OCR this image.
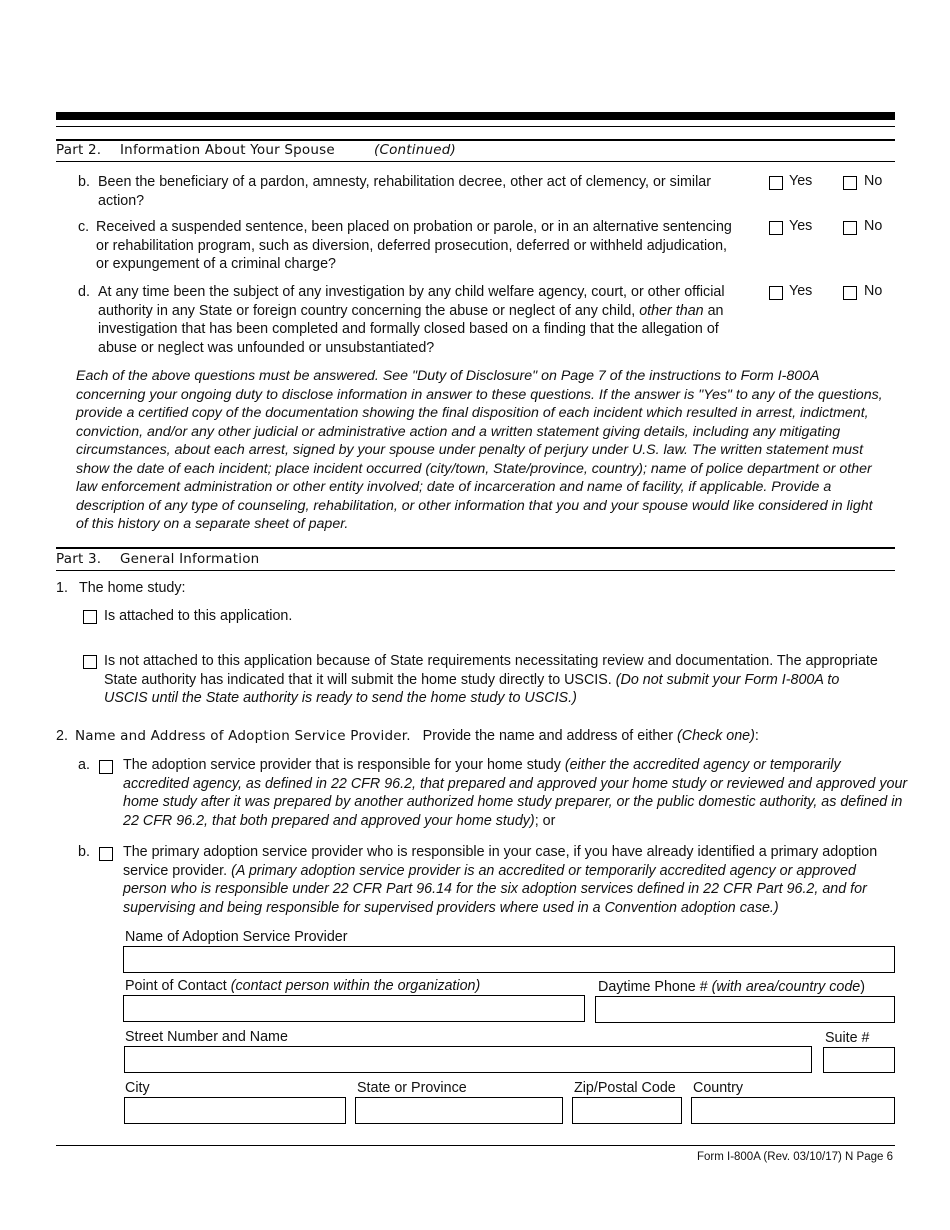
Part 2. Information About Your Spouse	(Continued)
b. Been the beneficiary of a pardon, amnesty, rehabilitation decree, other act of clemency, or similar action?
Yes	No
c. Received a suspended sentence, been placed on probation or parole, or in an alternative sentencing or rehabilitation program, such as diversion, deferred prosecution, deferred or withheld adjudication, or expungement of a criminal charge?
Yes	No
d. At any time been the subject of any investigation by any child welfare agency, court, or other official authority in any State or foreign country concerning the abuse or neglect of any child, other than an investigation that has been completed and formally closed based on a finding that the allegation of abuse or neglect was unfounded or unsubstantiated?
Yes	No
Each of the above questions must be answered. See "Duty of Disclosure" on Page 7 of the instructions to Form I-800A concerning your ongoing duty to disclose information in answer to these questions. If the answer is "Yes" to any of the questions, provide a certified copy of the documentation showing the final disposition of each incident which resulted in arrest, indictment, conviction, and/or any other judicial or administrative action and a written statement giving details, including any mitigating circumstances, about each arrest, signed by your spouse under penalty of perjury under U.S. law. The written statement must show the date of each incident; place incident occurred (city/town, State/province, country); name of police department or other law enforcement administration or other entity involved; date of incarceration and name of facility, if applicable. Provide a description of any type of counseling, rehabilitation, or other information that you and your spouse would like considered in light of this history on a separate sheet of paper.
Part 3. General Information
1. The home study:
Is attached to this application.
Is not attached to this application because of State requirements necessitating review and documentation. The appropriate State authority has indicated that it will submit the home study directly to USCIS. (Do not submit your Form I-800A to USCIS until the State authority is ready to send the home study to USCIS.)
2. Name and Address of Adoption Service Provider. Provide the name and address of either (Check one):
a. The adoption service provider that is responsible for your home study (either the accredited agency or temporarily accredited agency, as defined in 22 CFR 96.2, that prepared and approved your home study or reviewed and approved your home study after it was prepared by another authorized home study preparer, or the public domestic authority, as defined in 22 CFR 96.2, that both prepared and approved your home study); or
b. The primary adoption service provider who is responsible in your case, if you have already identified a primary adoption service provider. (A primary adoption service provider is an accredited or temporarily accredited agency or approved person who is responsible under 22 CFR Part 96.14 for the six adoption services defined in 22 CFR Part 96.2, and for supervising and being responsible for supervised providers where used in a Convention adoption case.)
Name of Adoption Service Provider
Point of Contact (contact person within the organization)	Daytime Phone # (with area/country code)
Street Number and Name	Suite #
City	State or Province	Zip/Postal Code Country
Form I-800A (Rev. 03/10/17) N Page 6
